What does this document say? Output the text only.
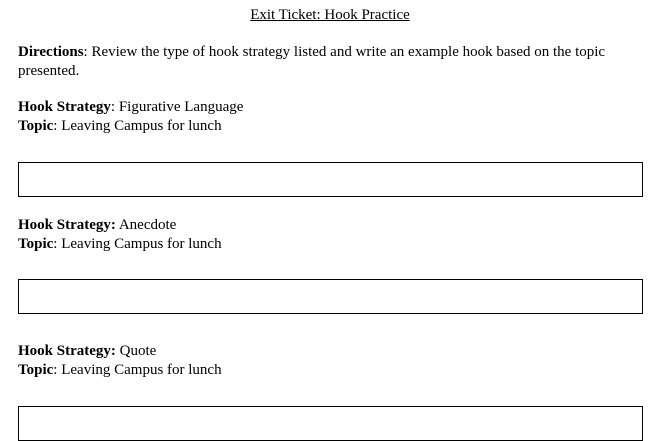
Exit Ticket: Hook Practice
Directions: Review the type of hook strategy listed and write an example hook based on the topic presented.
Hook Strategy: Figurative Language
Topic: Leaving Campus for lunch
Hook Strategy: Anecdote
Topic: Leaving Campus for lunch
Hook Strategy: Quote
Topic: Leaving Campus for lunch
